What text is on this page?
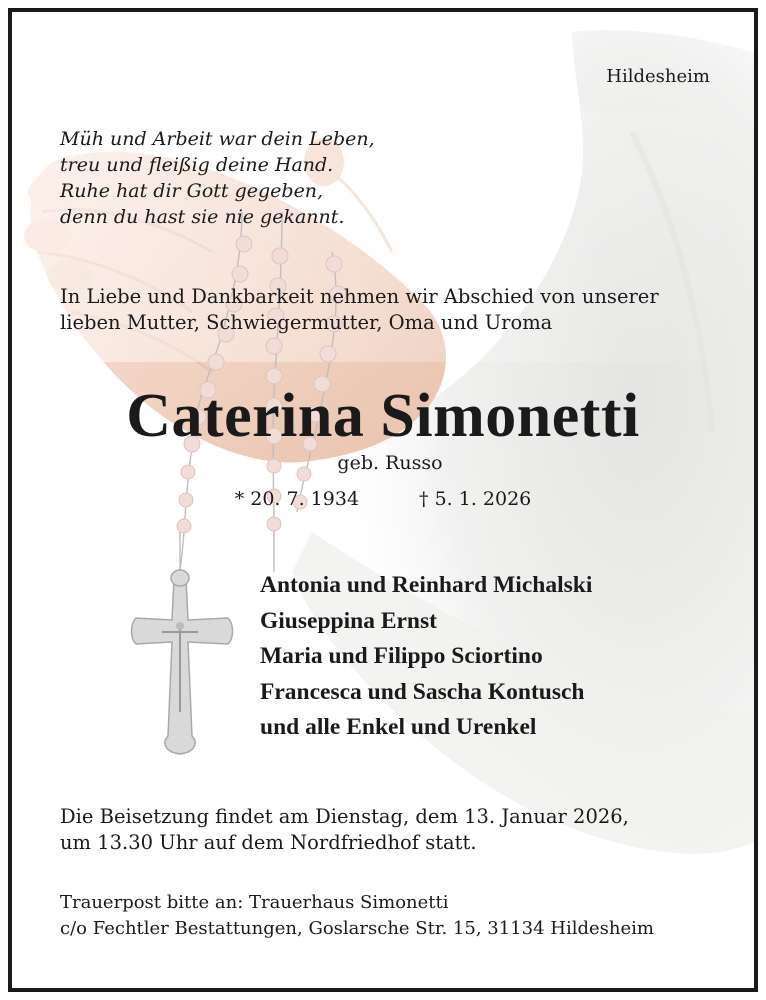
Hildesheim
Müh und Arbeit war dein Leben,
treu und fleißig deine Hand.
Ruhe hat dir Gott gegeben,
denn du hast sie nie gekannt.
In Liebe und Dankbarkeit nehmen wir Abschied von unserer
lieben Mutter, Schwiegermutter, Oma und Uroma
Caterina Simonetti
geb. Russo
* 20. 7. 1934	† 5. 1. 2026
Antonia und Reinhard Michalski
Giuseppina Ernst
Maria und Filippo Sciortino
Francesca und Sascha Kontusch
und alle Enkel und Urenkel
Die Beisetzung findet am Dienstag, dem 13. Januar 2026,
um 13.30 Uhr auf dem Nordfriedhof statt.
Trauerpost bitte an: Trauerhaus Simonetti
c/o Fechtler Bestattungen, Goslarsche Str. 15, 31134 Hildesheim
